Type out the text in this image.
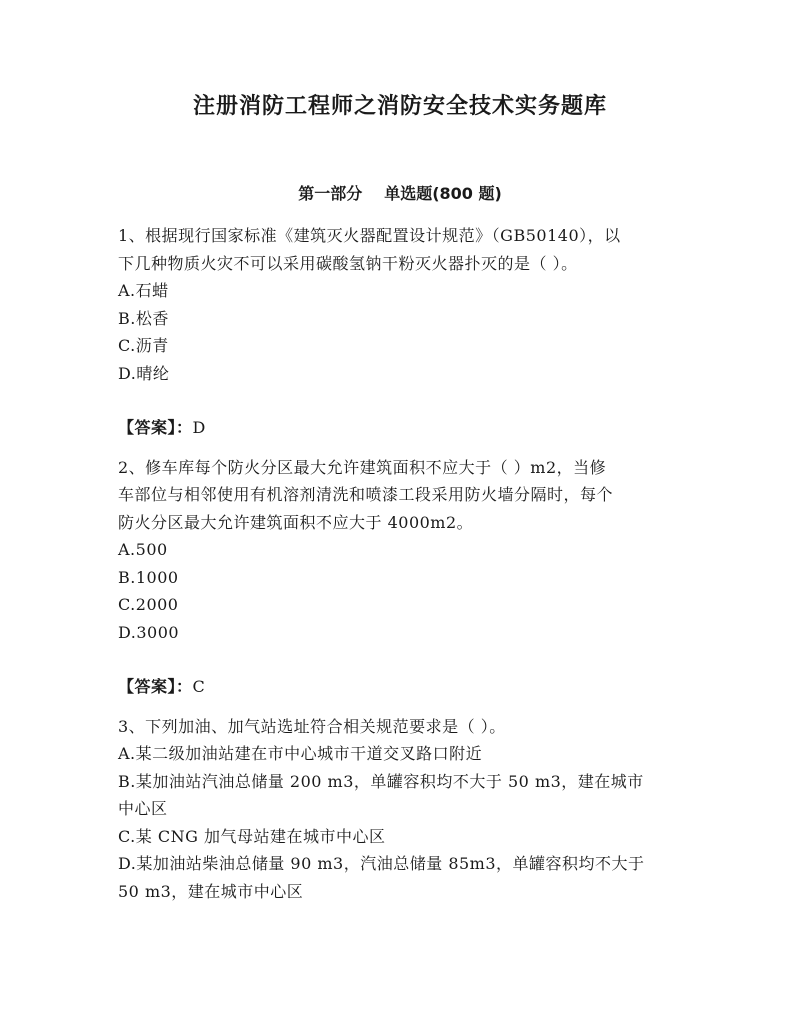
注册消防工程师之消防安全技术实务题库
第一部分 单选题(800 题)
1、根据现行国家标准《建筑灭火器配置设计规范》（GB50140），以
下几种物质火灾不可以采用碳酸氢钠干粉灭火器扑灭的是（ ）。
A.石蜡
B.松香
C.沥青
D.晴纶
【答案】：D
2、修车库每个防火分区最大允许建筑面积不应大于（ ）m2，当修
车部位与相邻使用有机溶剂清洗和喷漆工段采用防火墙分隔时，每个
防火分区最大允许建筑面积不应大于 4000m2。
A.500
B.1000
C.2000
D.3000
【答案】：C
3、下列加油、加气站选址符合相关规范要求是（ ）。
A.某二级加油站建在市中心城市干道交叉路口附近
B.某加油站汽油总储量 200 m3，单罐容积均不大于 50 m3，建在城市
中心区
C.某 CNG 加气母站建在城市中心区
D.某加油站柴油总储量 90 m3，汽油总储量 85m3，单罐容积均不大于
50 m3，建在城市中心区
